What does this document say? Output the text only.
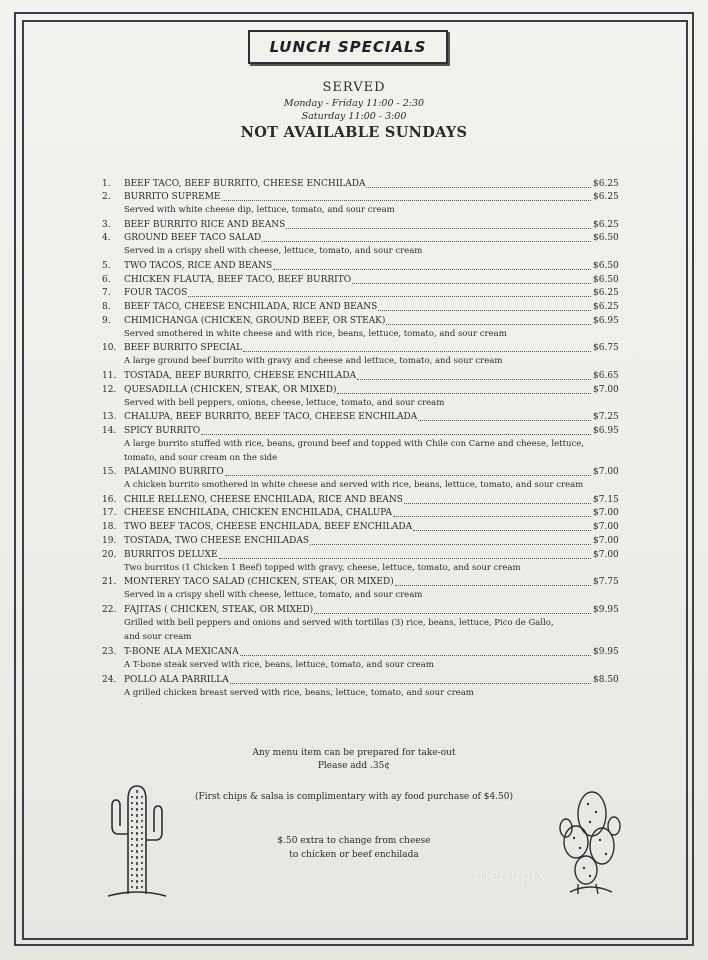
LUNCH SPECIALS
SERVED
Monday - Friday 11:00 - 2:30
Saturday 11:00 - 3:00
NOT AVAILABLE SUNDAYS
1. BEEF TACO, BEEF BURRITO, CHEESE ENCHILADA	$6.25
2. BURRITO SUPREME	$6.25
Served with white cheese dip, lettuce, tomato, and sour cream
3. BEEF BURRITO RICE AND BEANS	$6.25
4. GROUND BEEF TACO SALAD	$6.50
Served in a crispy shell with cheese, lettuce, tomato, and sour cream
5. TWO TACOS, RICE AND BEANS	$6.50
6. CHICKEN FLAUTA, BEEF TACO, BEEF BURRITO	$6.50
7. FOUR TACOS	$6.25
8. BEEF TACO, CHEESE ENCHILADA, RICE AND BEANS	$6.25
9. CHIMICHANGA (CHICKEN, GROUND BEEF, OR STEAK)	$6.95
Served smothered in white cheese and with rice, beans, lettuce, tomato, and sour cream
10. BEEF BURRITO SPECIAL	$6.75
A large ground beef burrito with gravy and cheese and lettuce, tomato, and sour cream
11. TOSTADA, BEEF BURRITO, CHEESE ENCHILADA	$6.65
12. QUESADILLA (CHICKEN, STEAK, OR MIXED)	$7.00
Served with bell peppers, onions, cheese, lettuce, tomato, and sour cream
13. CHALUPA, BEEF BURRITO, BEEF TACO, CHEESE ENCHILADA	$7.25
14. SPICY BURRITO	$6.95
A large burrito stuffed with rice, beans, ground beef and topped with Chile con Carne and cheese, lettuce,
tomato, and sour cream on the side
15. PALAMINO BURRITO	$7.00
A chicken burrito smothered in white cheese and served with rice, beans, lettuce, tomato, and sour cream
16. CHILE RELLENO, CHEESE ENCHILADA, RICE AND BEANS	$7.15
17. CHEESE ENCHILADA, CHICKEN ENCHILADA, CHALUPA	$7.00
18. TWO BEEF TACOS, CHEESE ENCHILADA, BEEF ENCHILADA	$7.00
19. TOSTADA, TWO CHEESE ENCHILADAS	$7.00
20. BURRITOS DELUXE	$7.00
Two burritos (1 Chicken 1 Beef) topped with gravy, cheese, lettuce, tomato, and sour cream
21. MONTEREY TACO SALAD (CHICKEN, STEAK, OR MIXED)	$7.75
Served in a crispy shell with cheese, lettuce, tomato, and sour cream
22. FAJITAS ( CHICKEN, STEAK, OR MIXED)	$9.95
Grilled with bell peppers and onions and served with tortillas (3) rice, beans, lettuce, Pico de Gallo,
and sour cream
23. T-BONE ALA MEXICANA	$9.95
A T-bone steak served with rice, beans, lettuce, tomato, and sour cream
24. POLLO ALA PARRILLA	$8.50
A grilled chicken breast served with rice, beans, lettuce, tomato, and sour cream
Any menu item can be prepared for take-out
Please add .35¢
(First chips & salsa is complimentary with ay food purchase of $4.50)
$.50 extra to change from cheese
to chicken or beef enchilada
menupix
